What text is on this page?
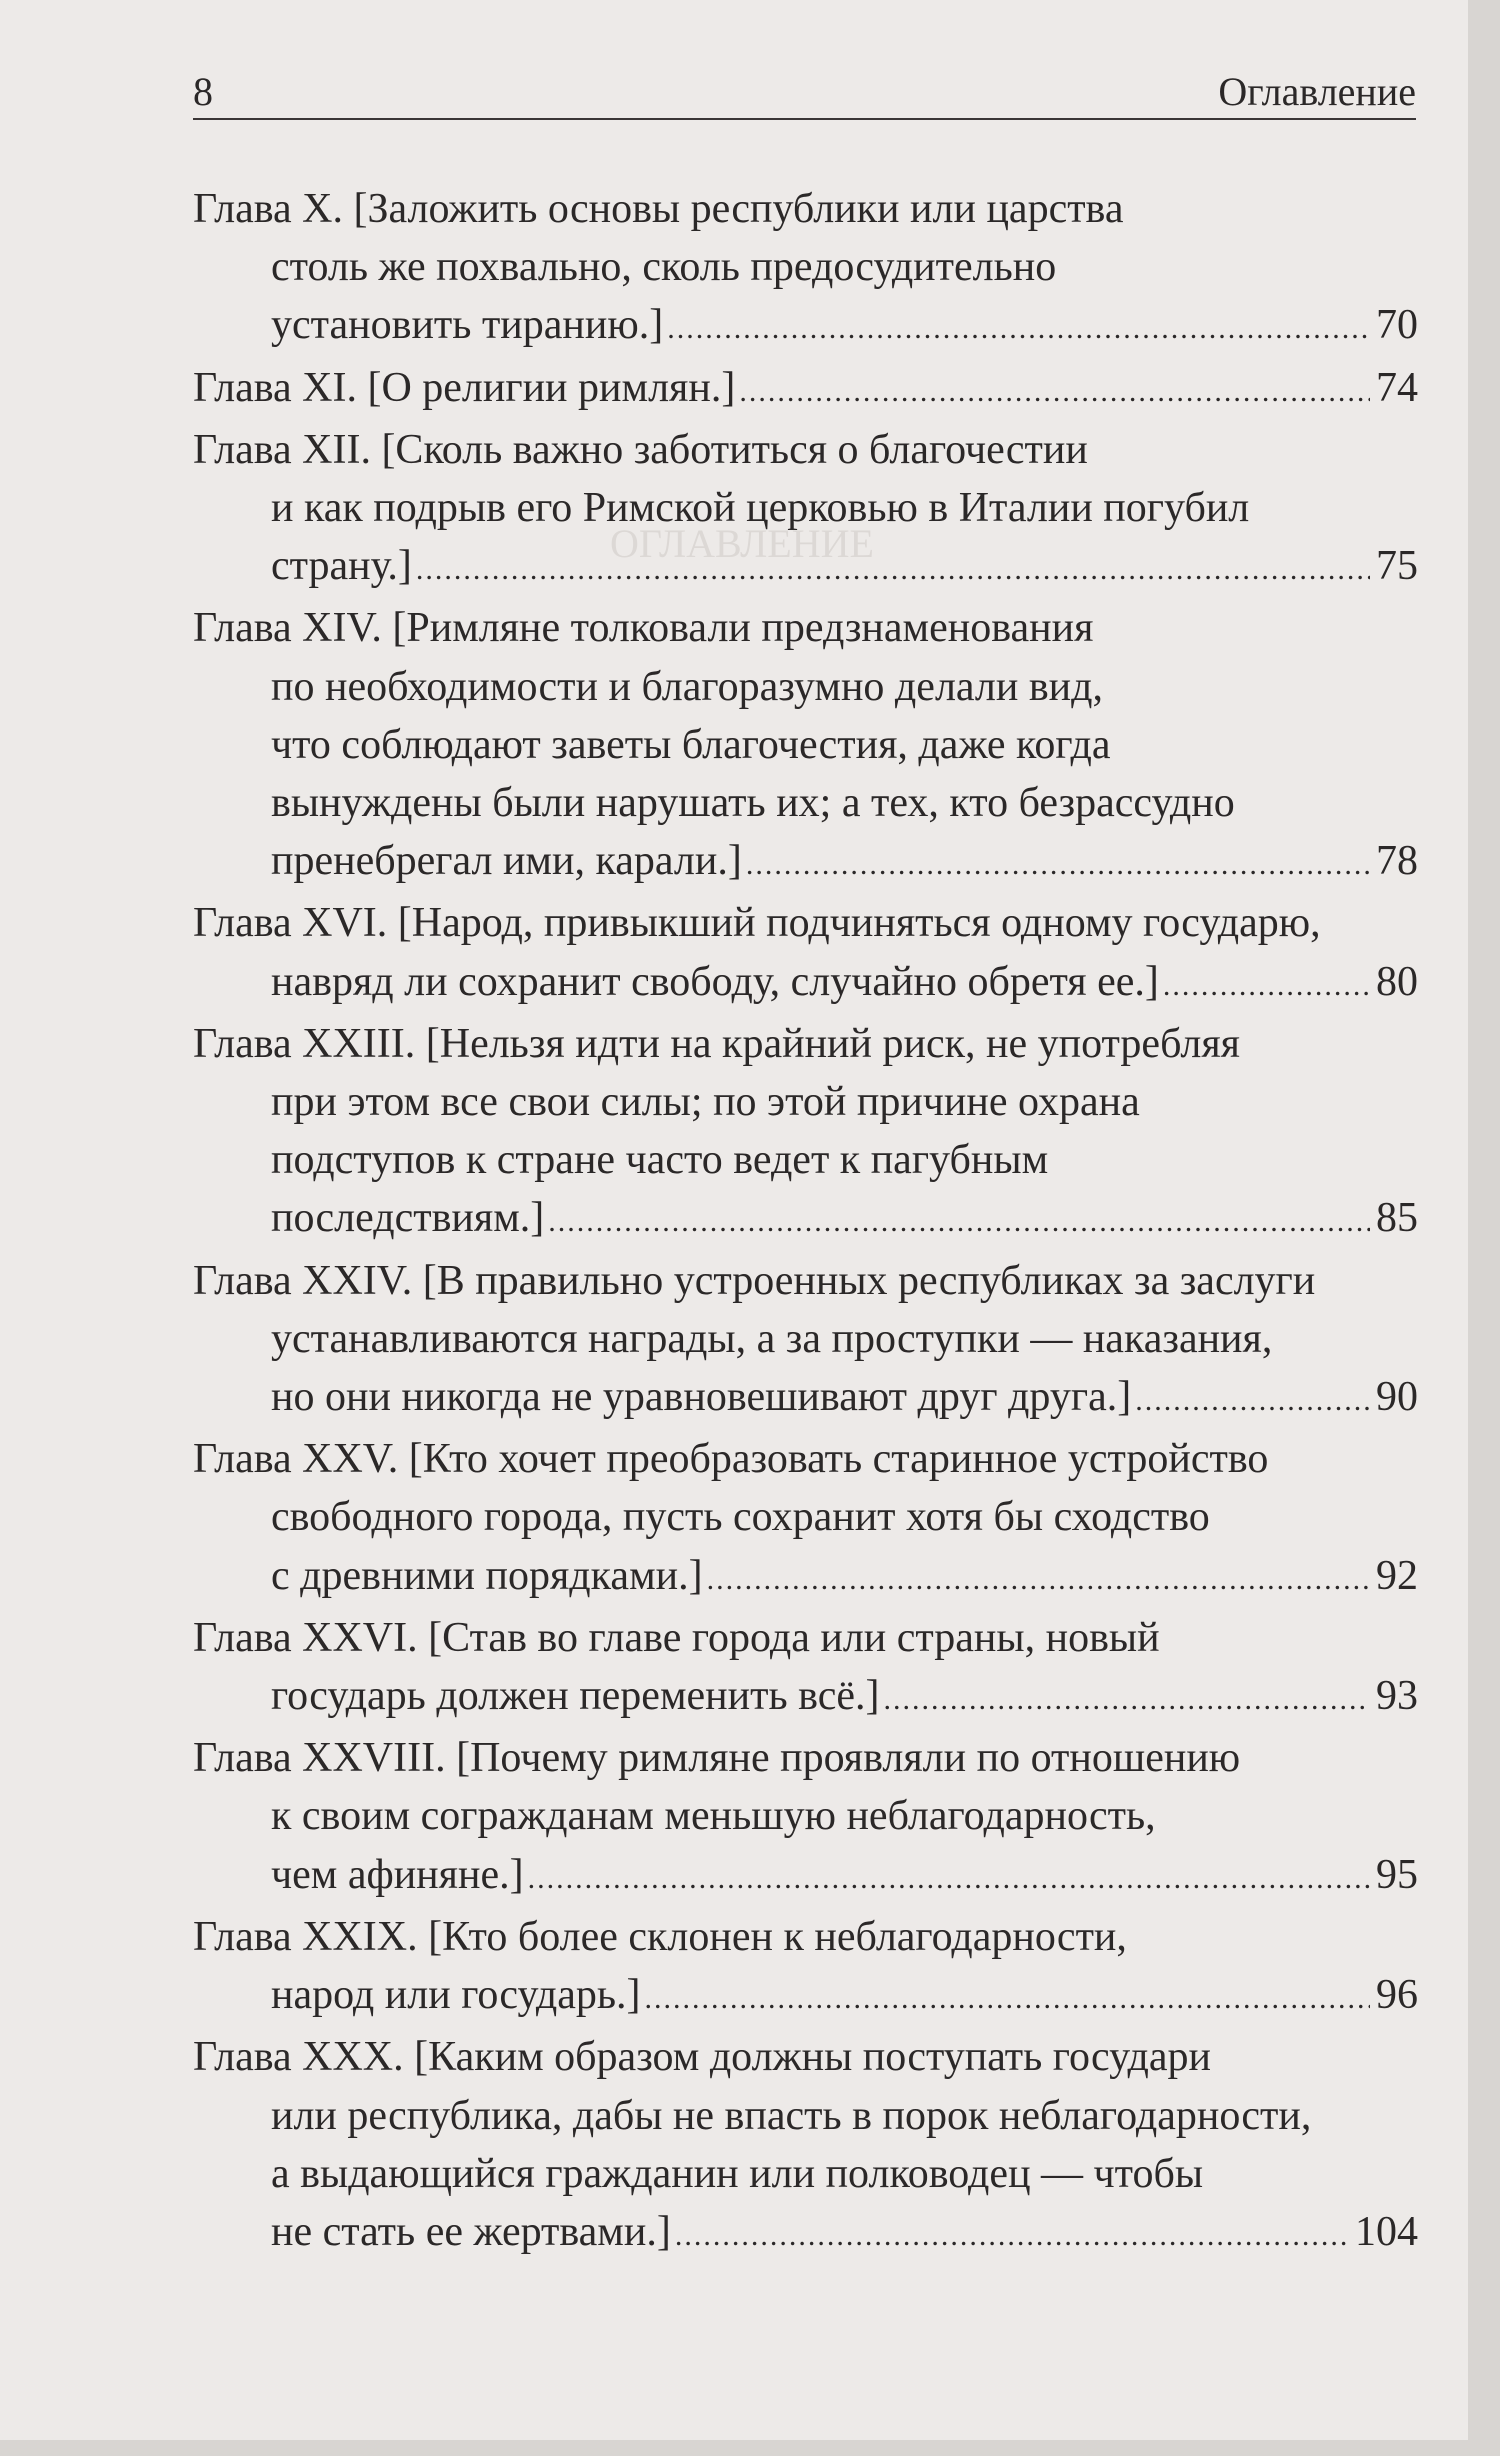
ОГЛАВЛЕНИЕ
8	Оглавление
Глава X. [Заложить основы республики или царства
столь же похвально, сколь предосудительно
установить тиранию.] .....	70
Глава XI. [О религии римлян.] .....	74
Глава XII. [Сколь важно заботиться о благочестии
и как подрыв его Римской церковью в Италии погубил
страну.] .....	75
Глава XIV. [Римляне толковали предзнаменования
по необходимости и благоразумно делали вид,
что соблюдают заветы благочестия, даже когда
вынуждены были нарушать их; а тех, кто безрассудно
пренебрегал ими, карали.] .....	78
Глава XVI. [Народ, привыкший подчиняться одному государю,
навряд ли сохранит свободу, случайно обретя ее.] .....	80
Глава XXIII. [Нельзя идти на крайний риск, не употребляя
при этом все свои силы; по этой причине охрана
подступов к стране часто ведет к пагубным
последствиям.] .....	85
Глава XXIV. [В правильно устроенных республиках за заслуги
устанавливаются награды, а за проступки — наказания,
но они никогда не уравновешивают друг друга.] .....	90
Глава XXV. [Кто хочет преобразовать старинное устройство
свободного города, пусть сохранит хотя бы сходство
с древними порядками.] .....	92
Глава XXVI. [Став во главе города или страны, новый
государь должен переменить всё.] .....	93
Глава XXVIII. [Почему римляне проявляли по отношению
к своим согражданам меньшую неблагодарность,
чем афиняне.] .....	95
Глава XXIX. [Кто более склонен к неблагодарности,
народ или государь.] .....	96
Глава XXX. [Каким образом должны поступать государи
или республика, дабы не впасть в порок неблагодарности,
а выдающийся гражданин или полководец — чтобы
не стать ее жертвами.] .....	104
